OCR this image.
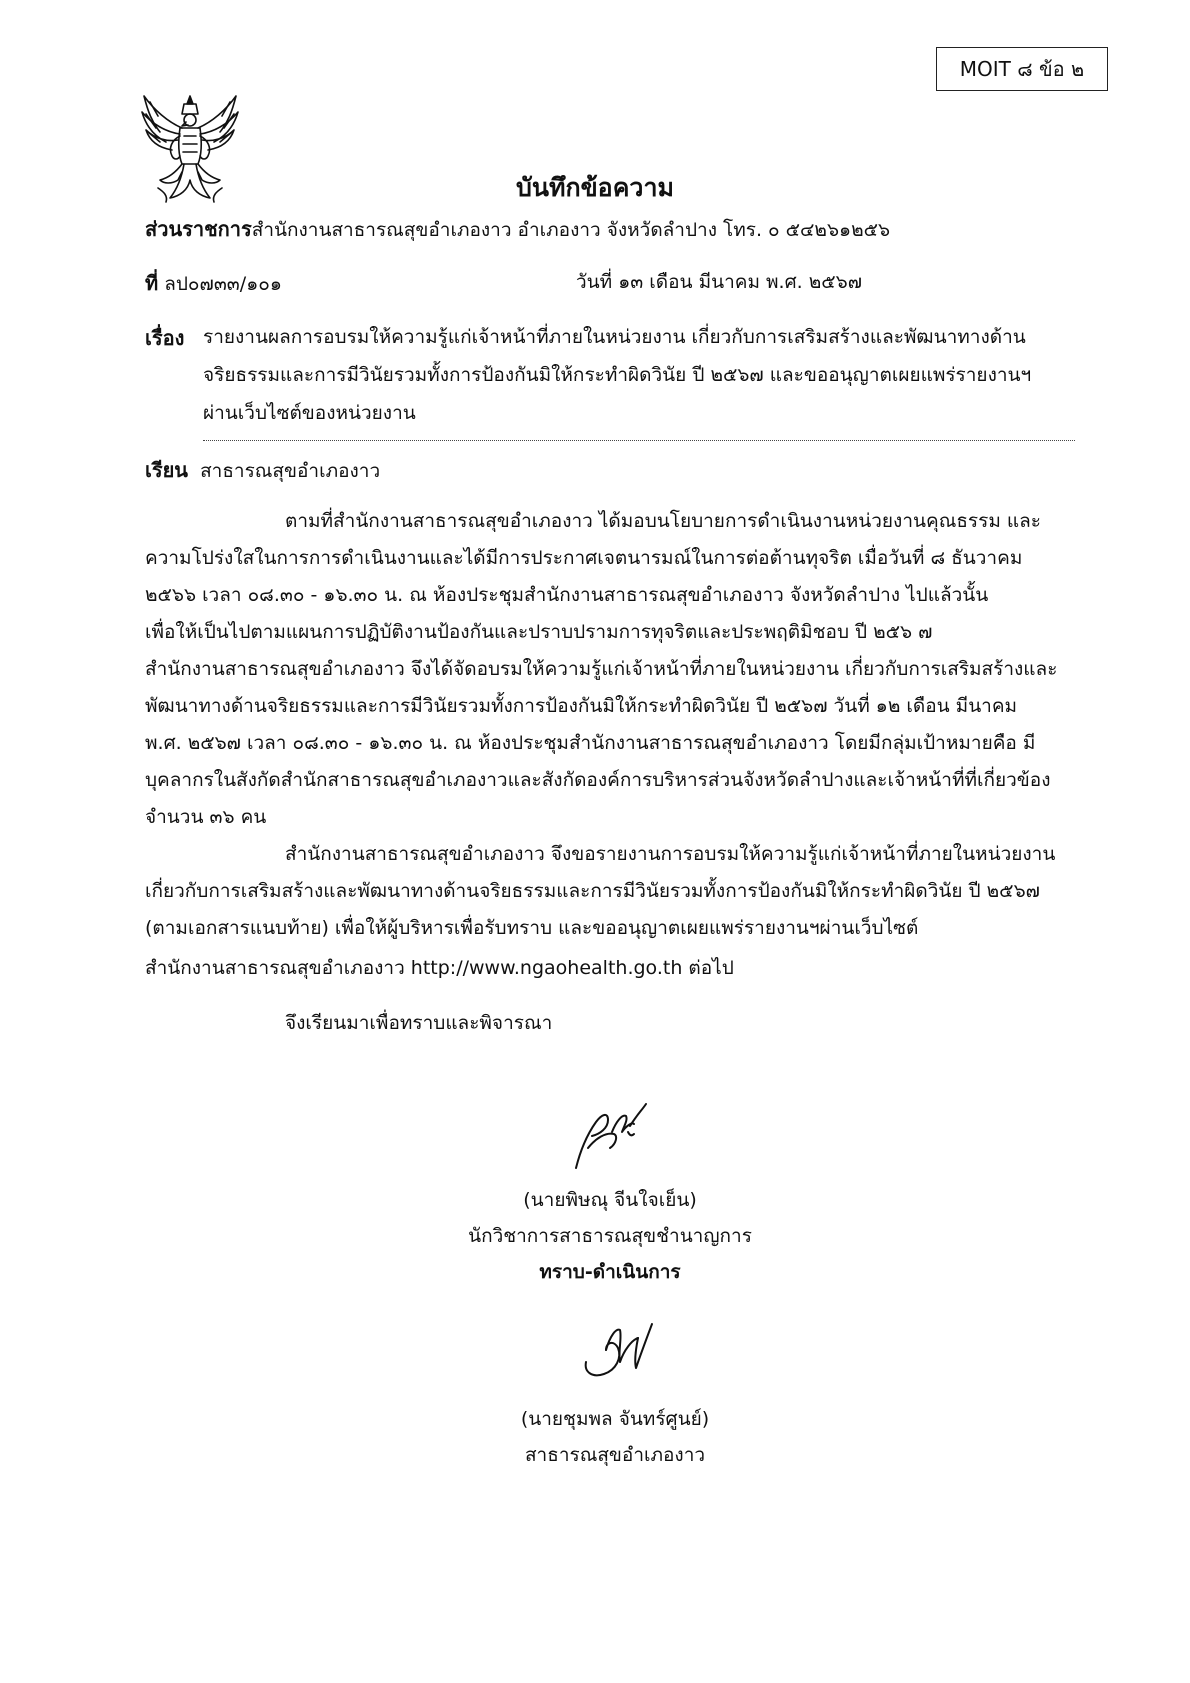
MOIT ๘ ข้อ ๒
บันทึกข้อความ
ส่วนราชการสำนักงานสาธารณสุขอำเภองาว อำเภองาว จังหวัดลำปาง โทร. ๐ ๕๔๒๖๑๒๕๖
ที่ ลป๐๗๓๓/๑๐๑	วันที่ ๑๓ เดือน มีนาคม พ.ศ. ๒๕๖๗
เรื่อง รายงานผลการอบรมให้ความรู้แก่เจ้าหน้าที่ภายในหน่วยงาน เกี่ยวกับการเสริมสร้างและพัฒนาทางด้าน
จริยธรรมและการมีวินัยรวมทั้งการป้องกันมิให้กระทำผิดวินัย ปี ๒๕๖๗ และขออนุญาตเผยแพร่รายงานฯ
ผ่านเว็บไซต์ของหน่วยงาน
เรียน สาธารณสุขอำเภองาว
ตามที่สำนักงานสาธารณสุขอำเภองาว ได้มอบนโยบายการดำเนินงานหน่วยงานคุณธรรม และ
ความโปร่งใสในการการดำเนินงานและได้มีการประกาศเจตนารมณ์ในการต่อต้านทุจริต เมื่อวันที่ ๘ ธันวาคม
๒๕๖๖ เวลา ๐๘.๓๐ - ๑๖.๓๐ น. ณ ห้องประชุมสำนักงานสาธารณสุขอำเภองาว จังหวัดลำปาง ไปแล้วนั้น
เพื่อให้เป็นไปตามแผนการปฏิบัติงานป้องกันและปราบปรามการทุจริตและประพฤติมิชอบ ปี ๒๕๖ ๗
สำนักงานสาธารณสุขอำเภองาว จึงได้จัดอบรมให้ความรู้แก่เจ้าหน้าที่ภายในหน่วยงาน เกี่ยวกับการเสริมสร้างและ
พัฒนาทางด้านจริยธรรมและการมีวินัยรวมทั้งการป้องกันมิให้กระทำผิดวินัย ปี ๒๕๖๗ วันที่ ๑๒ เดือน มีนาคม
พ.ศ. ๒๕๖๗ เวลา ๐๘.๓๐ - ๑๖.๓๐ น. ณ ห้องประชุมสำนักงานสาธารณสุขอำเภองาว โดยมีกลุ่มเป้าหมายคือ มี
บุคลากรในสังกัดสำนักสาธารณสุขอำเภองาวและสังกัดองค์การบริหารส่วนจังหวัดลำปางและเจ้าหน้าที่ที่เกี่ยวข้อง
จำนวน ๓๖ คน
สำนักงานสาธารณสุขอำเภองาว จึงขอรายงานการอบรมให้ความรู้แก่เจ้าหน้าที่ภายในหน่วยงาน
เกี่ยวกับการเสริมสร้างและพัฒนาทางด้านจริยธรรมและการมีวินัยรวมทั้งการป้องกันมิให้กระทำผิดวินัย ปี ๒๕๖๗
(ตามเอกสารแนบท้าย) เพื่อให้ผู้บริหารเพื่อรับทราบ และขออนุญาตเผยแพร่รายงานฯผ่านเว็บไซต์
สำนักงานสาธารณสุขอำเภองาว http://www.ngaohealth.go.th ต่อไป
จึงเรียนมาเพื่อทราบและพิจารณา
(นายพิษณุ จีนใจเย็น)
นักวิชาการสาธารณสุขชำนาญการ
ทราบ-ดำเนินการ
(นายชุมพล จันทร์ศูนย์)
สาธารณสุขอำเภองาว
